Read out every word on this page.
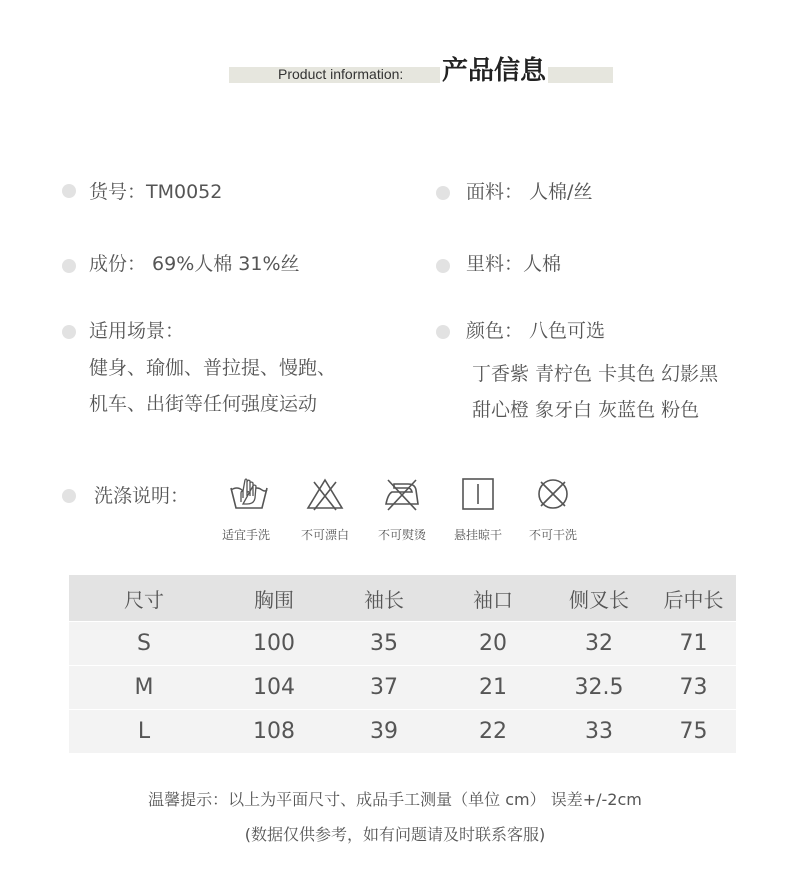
Product information: 产品信息
货号：TM0052	面料： 人棉/丝
成份： 69%人棉 31%丝	里料：人棉
适用场景：
健身、瑜伽、普拉提、慢跑、
机车、出街等任何强度运动
颜色： 八色可选
丁香紫 青柠色 卡其色 幻影黑
甜心橙 象牙白 灰蓝色 粉色
洗涤说明：
适宜手洗	不可漂白	不可熨烫	悬挂晾干	不可干洗
尺寸	胸围	袖长	袖口	侧叉长	后中长
S	100	35	20	32	71
M	104	37	21	32.5	73
L	108	39	22	33	75
温馨提示：以上为平面尺寸、成品手工测量（单位 cm） 误差+/-2cm
(数据仅供参考，如有问题请及时联系客服)
